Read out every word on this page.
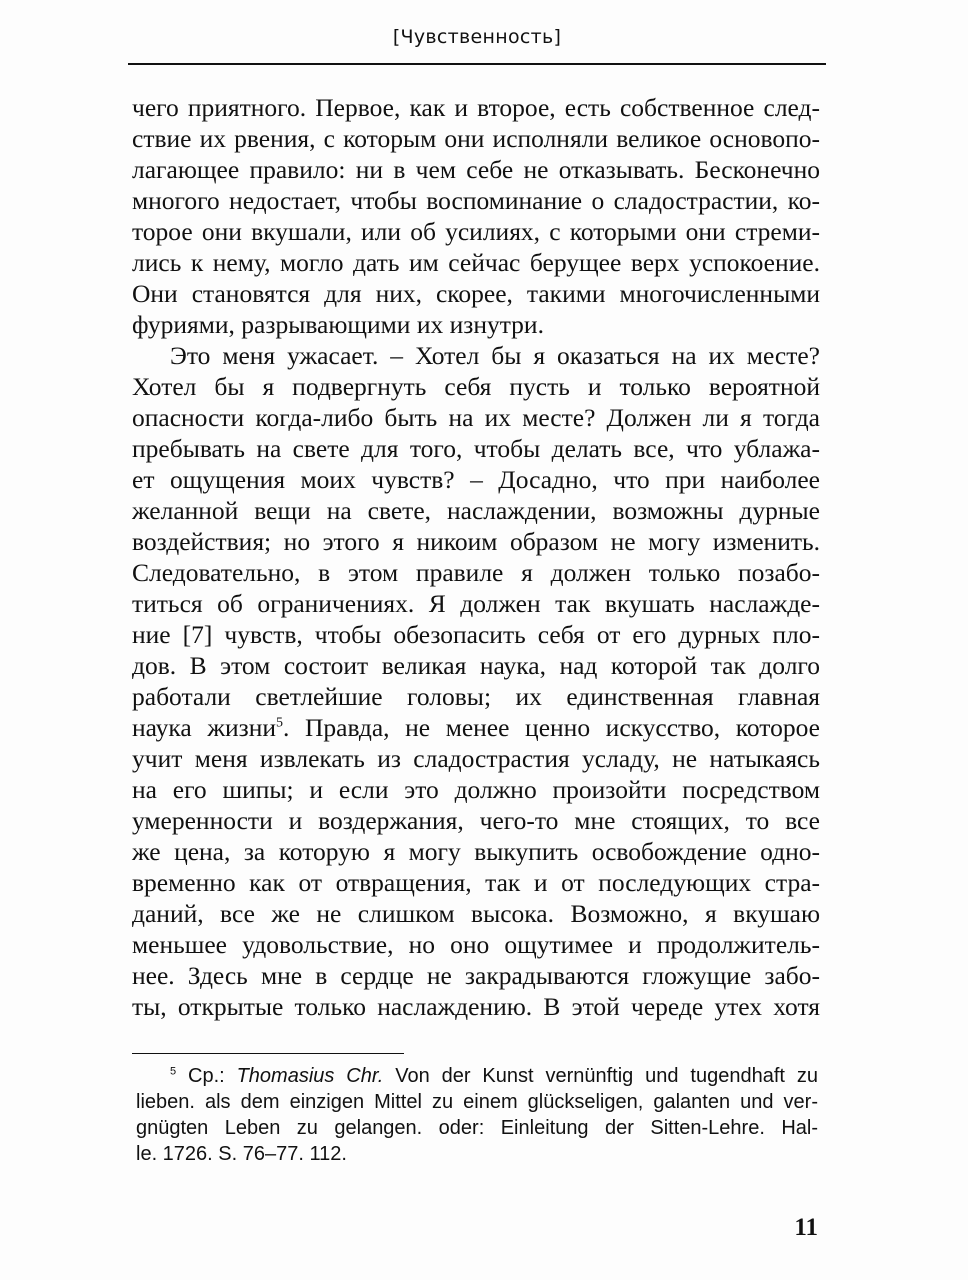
[Чувственность]
чего приятного. Первое, как и второе, есть собственное след-
ствие их рвения, с которым они исполняли великое основопо-
лагающее правило: ни в чем себе не отказывать. Бесконечно
многого недостает, чтобы воспоминание о сладострастии, ко-
торое они вкушали, или об усилиях, с которыми они стреми-
лись к нему, могло дать им сейчас берущее верх успокоение.
Они становятся для них, скорее, такими многочисленными
фуриями, разрывающими их изнутри.
Это меня ужасает. – Хотел бы я оказаться на их месте?
Хотел бы я подвергнуть себя пусть и только вероятной
опасности когда-либо быть на их месте? Должен ли я тогда
пребывать на свете для того, чтобы делать все, что ублажа-
ет ощущения моих чувств? – Досадно, что при наиболее
желанной вещи на свете, наслаждении, возможны дурные
воздействия; но этого я никоим образом не могу изменить.
Следовательно, в этом правиле я должен только позабо-
титься об ограничениях. Я должен так вкушать наслажде-
ние [7] чувств, чтобы обезопасить себя от его дурных пло-
дов. В этом состоит великая наука, над которой так долго
работали светлейшие головы; их единственная главная
наука жизни$^5$. Правда, не менее ценно искусство, которое
учит меня извлекать из сладострастия усладу, не натыкаясь
на его шипы; и если это должно произойти посредством
умеренности и воздержания, чего-то мне стоящих, то все
же цена, за которую я могу выкупить освобождение одно-
временно как от отвращения, так и от последующих стра-
даний, все же не слишком высока. Возможно, я вкушаю
меньшее удовольствие, но оно ощутимее и продолжитель-
нее. Здесь мне в сердце не закрадываются гложущие забо-
ты, открытые только наслаждению. В этой череде утех хотя
$^5$ Ср.: Thomasius Chr. Von der Kunst vernünftig und tugendhaft zu
lieben. als dem einzigen Mittel zu einem glückseligen, galanten und ver-
gnügten Leben zu gelangen. oder: Einleitung der Sitten-Lehre. Hal-
le. 1726. S. 76–77. 112.
11
